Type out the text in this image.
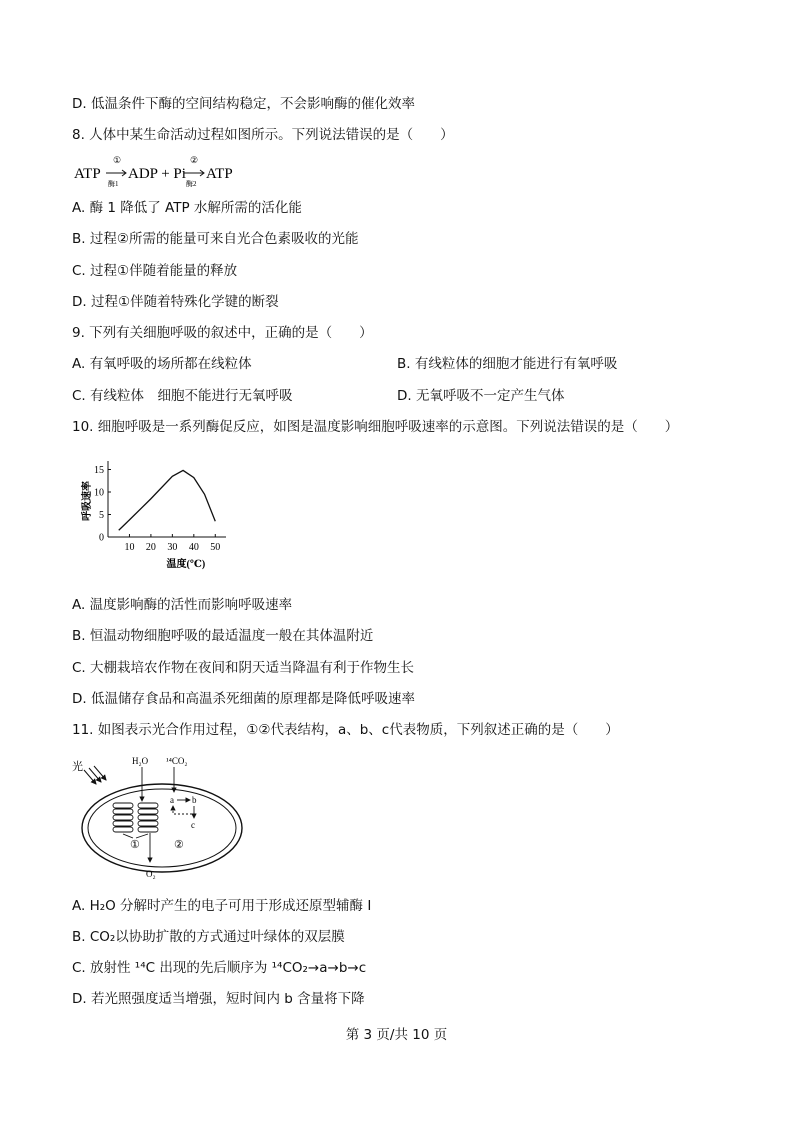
D. 低温条件下酶的空间结构稳定，不会影响酶的催化效率
8. 人体中某生命活动过程如图所示。下列说法错误的是（　　）
ATP
①
酶1
ADP + Pi
②
酶2
ATP
A. 酶 1 降低了 ATP 水解所需的活化能
B. 过程②所需的能量可来自光合色素吸收的光能
C. 过程①伴随着能量的释放
D. 过程①伴随着特殊化学键的断裂
9. 下列有关细胞呼吸的叙述中，正确的是（　　）
A. 有氧呼吸的场所都在线粒体	B. 有线粒体的细胞才能进行有氧呼吸
C. 有线粒体　细胞不能进行无氧呼吸	D. 无氧呼吸不一定产生气体
10. 细胞呼吸是一系列酶促反应，如图是温度影响细胞呼吸速率的示意图。下列说法错误的是（　　）
10 20 30 40 50
0
5
10
15
呼吸速率
温度(℃)
A. 温度影响酶的活性而影响呼吸速率
B. 恒温动物细胞呼吸的最适温度一般在其体温附近
C. 大棚栽培农作物在夜间和阴天适当降温有利于作物生长
D. 低温储存食品和高温杀死细菌的原理都是降低呼吸速率
11. 如图表示光合作用过程，①②代表结构，a、b、c代表物质，下列叙述正确的是（　　）
光
①	②
H₂O
O₂
¹⁴CO₂
a b
c
A. H₂O 分解时产生的电子可用于形成还原型辅酶 Ⅰ
B. CO₂以协助扩散的方式通过叶绿体的双层膜
C. 放射性 ¹⁴C 出现的先后顺序为 ¹⁴CO₂→a→b→c
D. 若光照强度适当增强，短时间内 b 含量将下降
第 3 页/共 10 页
